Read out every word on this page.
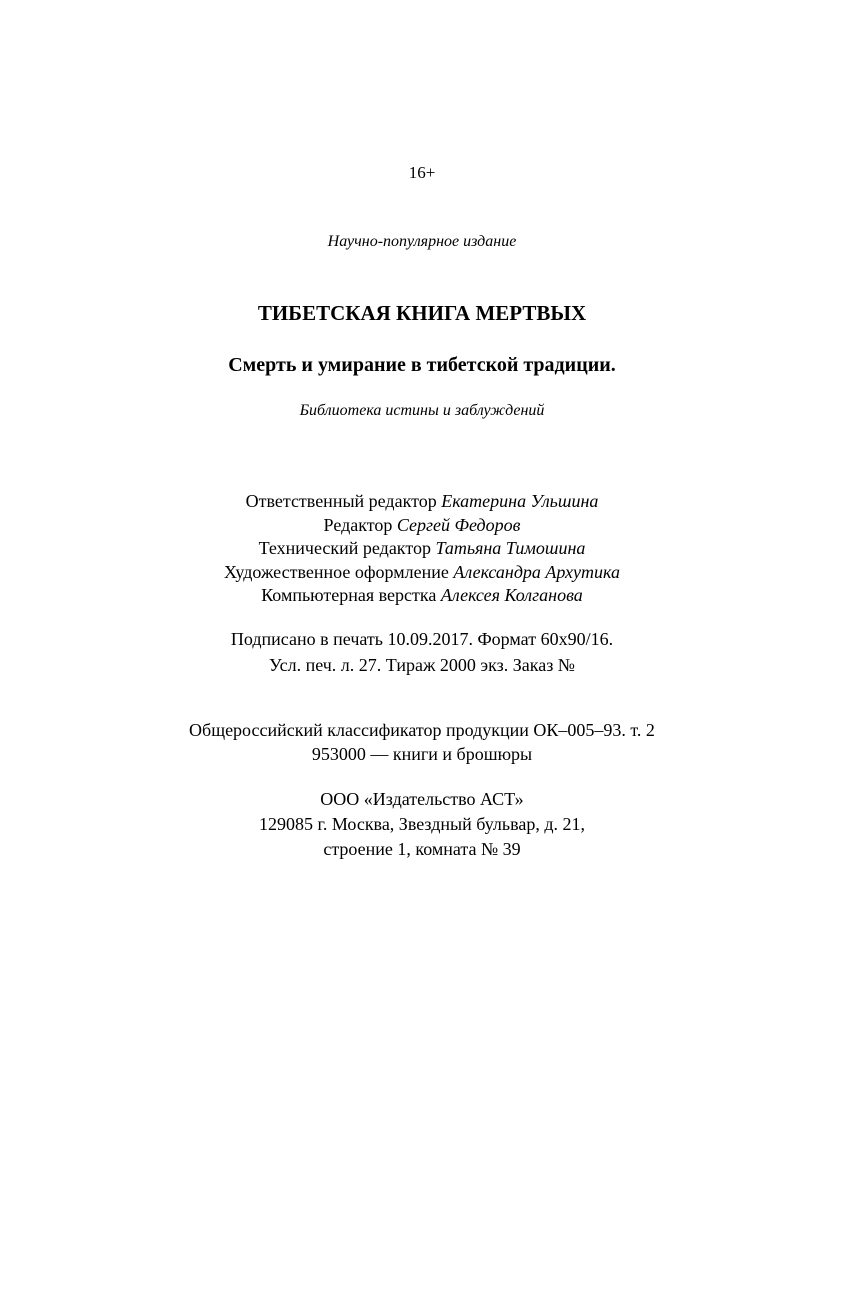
16+
Научно-популярное издание
ТИБЕТСКАЯ КНИГА МЕРТВЫХ
Смерть и умирание в тибетской традиции.
Библиотека истины и заблуждений
Ответственный редактор Екатерина Ульшина
Редактор Сергей Федоров
Технический редактор Татьяна Тимошина
Художественное оформление Александра Архутика
Компьютерная верстка Алексея Колганова
Подписано в печать 10.09.2017. Формат 60x90/16.
Усл. печ. л. 27. Тираж 2000 экз. Заказ №
Общероссийский классификатор продукции ОК–005–93. т. 2
953000 — книги и брошюры
ООО «Издательство АСТ»
129085 г. Москва, Звездный бульвар, д. 21,
строение 1, комната № 39
